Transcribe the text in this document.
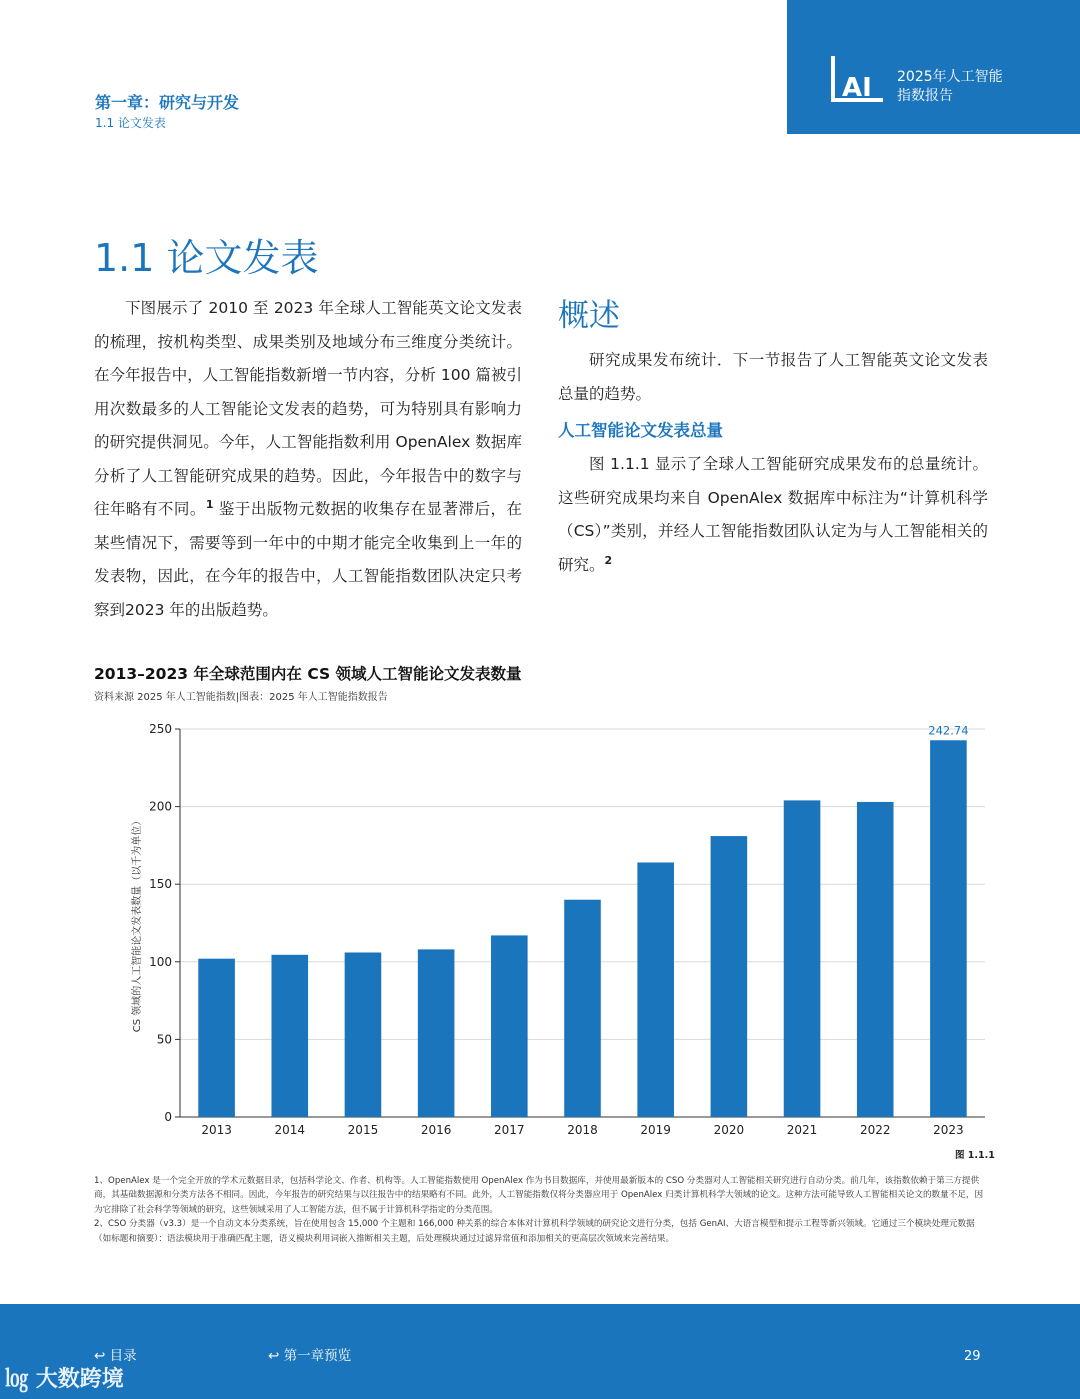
AI 2025年人工智能
指数报告
第一章：研究与开发
1.1 论文发表
1.1 论文发表

下图展示了 2010 至 2023 年全球人工智能英文论文发表的梳理，按机构类型、成果类别及地域分布三维度分类统计。在今年报告中，人工智能指数新增一节内容，分析 100 篇被引用次数最多的人工智能论文发表的趋势，可为特别具有影响力的研究提供洞见。今年，人工智能指数利用 OpenAlex 数据库分析了人工智能研究成果的趋势。因此，今年报告中的数字与往年略有不同。$^1$ 鉴于出版物元数据的收集存在显著滞后，在某些情况下，需要等到一年中的中期才能完全收集到上一年的发表物，因此，在今年的报告中，人工智能指数团队决定只考察到2023 年的出版趋势。

概述

研究成果发布统计．下一节报告了人工智能英文论文发表总量的趋势。

人工智能论文发表总量

图 1.1.1 显示了全球人工智能研究成果发布的总量统计。这些研究成果均来自 OpenAlex 数据库中标注为“计算机科学（CS）”类别，并经人工智能指数团队认定为与人工智能相关的研究。$^2$

2013–2023 年全球范围内在 CS 领域人工智能论文发表数量
资料来源 2025 年人工智能指数|图表：2025 年人工智能指数报告
0
50
100
150
200
250
2013	2014	2015	2016	2017	2018	2019	2020	2021	2022	2023
242.74
CS 领域的人工智能论文发表数量（以千为单位）
图 1.1.1

1、OpenAlex 是一个完全开放的学术元数据目录，包括科学论文、作者、机构等。人工智能指数使用 OpenAlex 作为书目数据库，并使用最新版本的 CSO 分类器对人工智能相关研究进行自动分类。前几年，该指数依赖于第三方提供商，其基础数据源和分类方法各不相同。因此，今年报告的研究结果与以往报告中的结果略有不同。此外，人工智能指数仅将分类器应用于 OpenAlex 归类计算机科学大领域的论文。这种方法可能导致人工智能相关论文的数量不足，因为它排除了社会科学等领域的研究，这些领域采用了人工智能方法，但不属于计算机科学指定的分类范围。

2、CSO 分类器（v3.3）是一个自动文本分类系统，旨在使用包含 15,000 个主题和 166,000 种关系的综合本体对计算机科学领域的研究论文进行分类，包括 GenAI、大语言模型和提示工程等新兴领域。它通过三个模块处理元数据（如标题和摘要）：语法模块用于准确匹配主题，语义模块利用词嵌入推断相关主题，后处理模块通过过滤异常值和添加相关的更高层次领域来完善结果。

↩ 目录	↩ 第一章预览	29
㏒ 大数跨境
